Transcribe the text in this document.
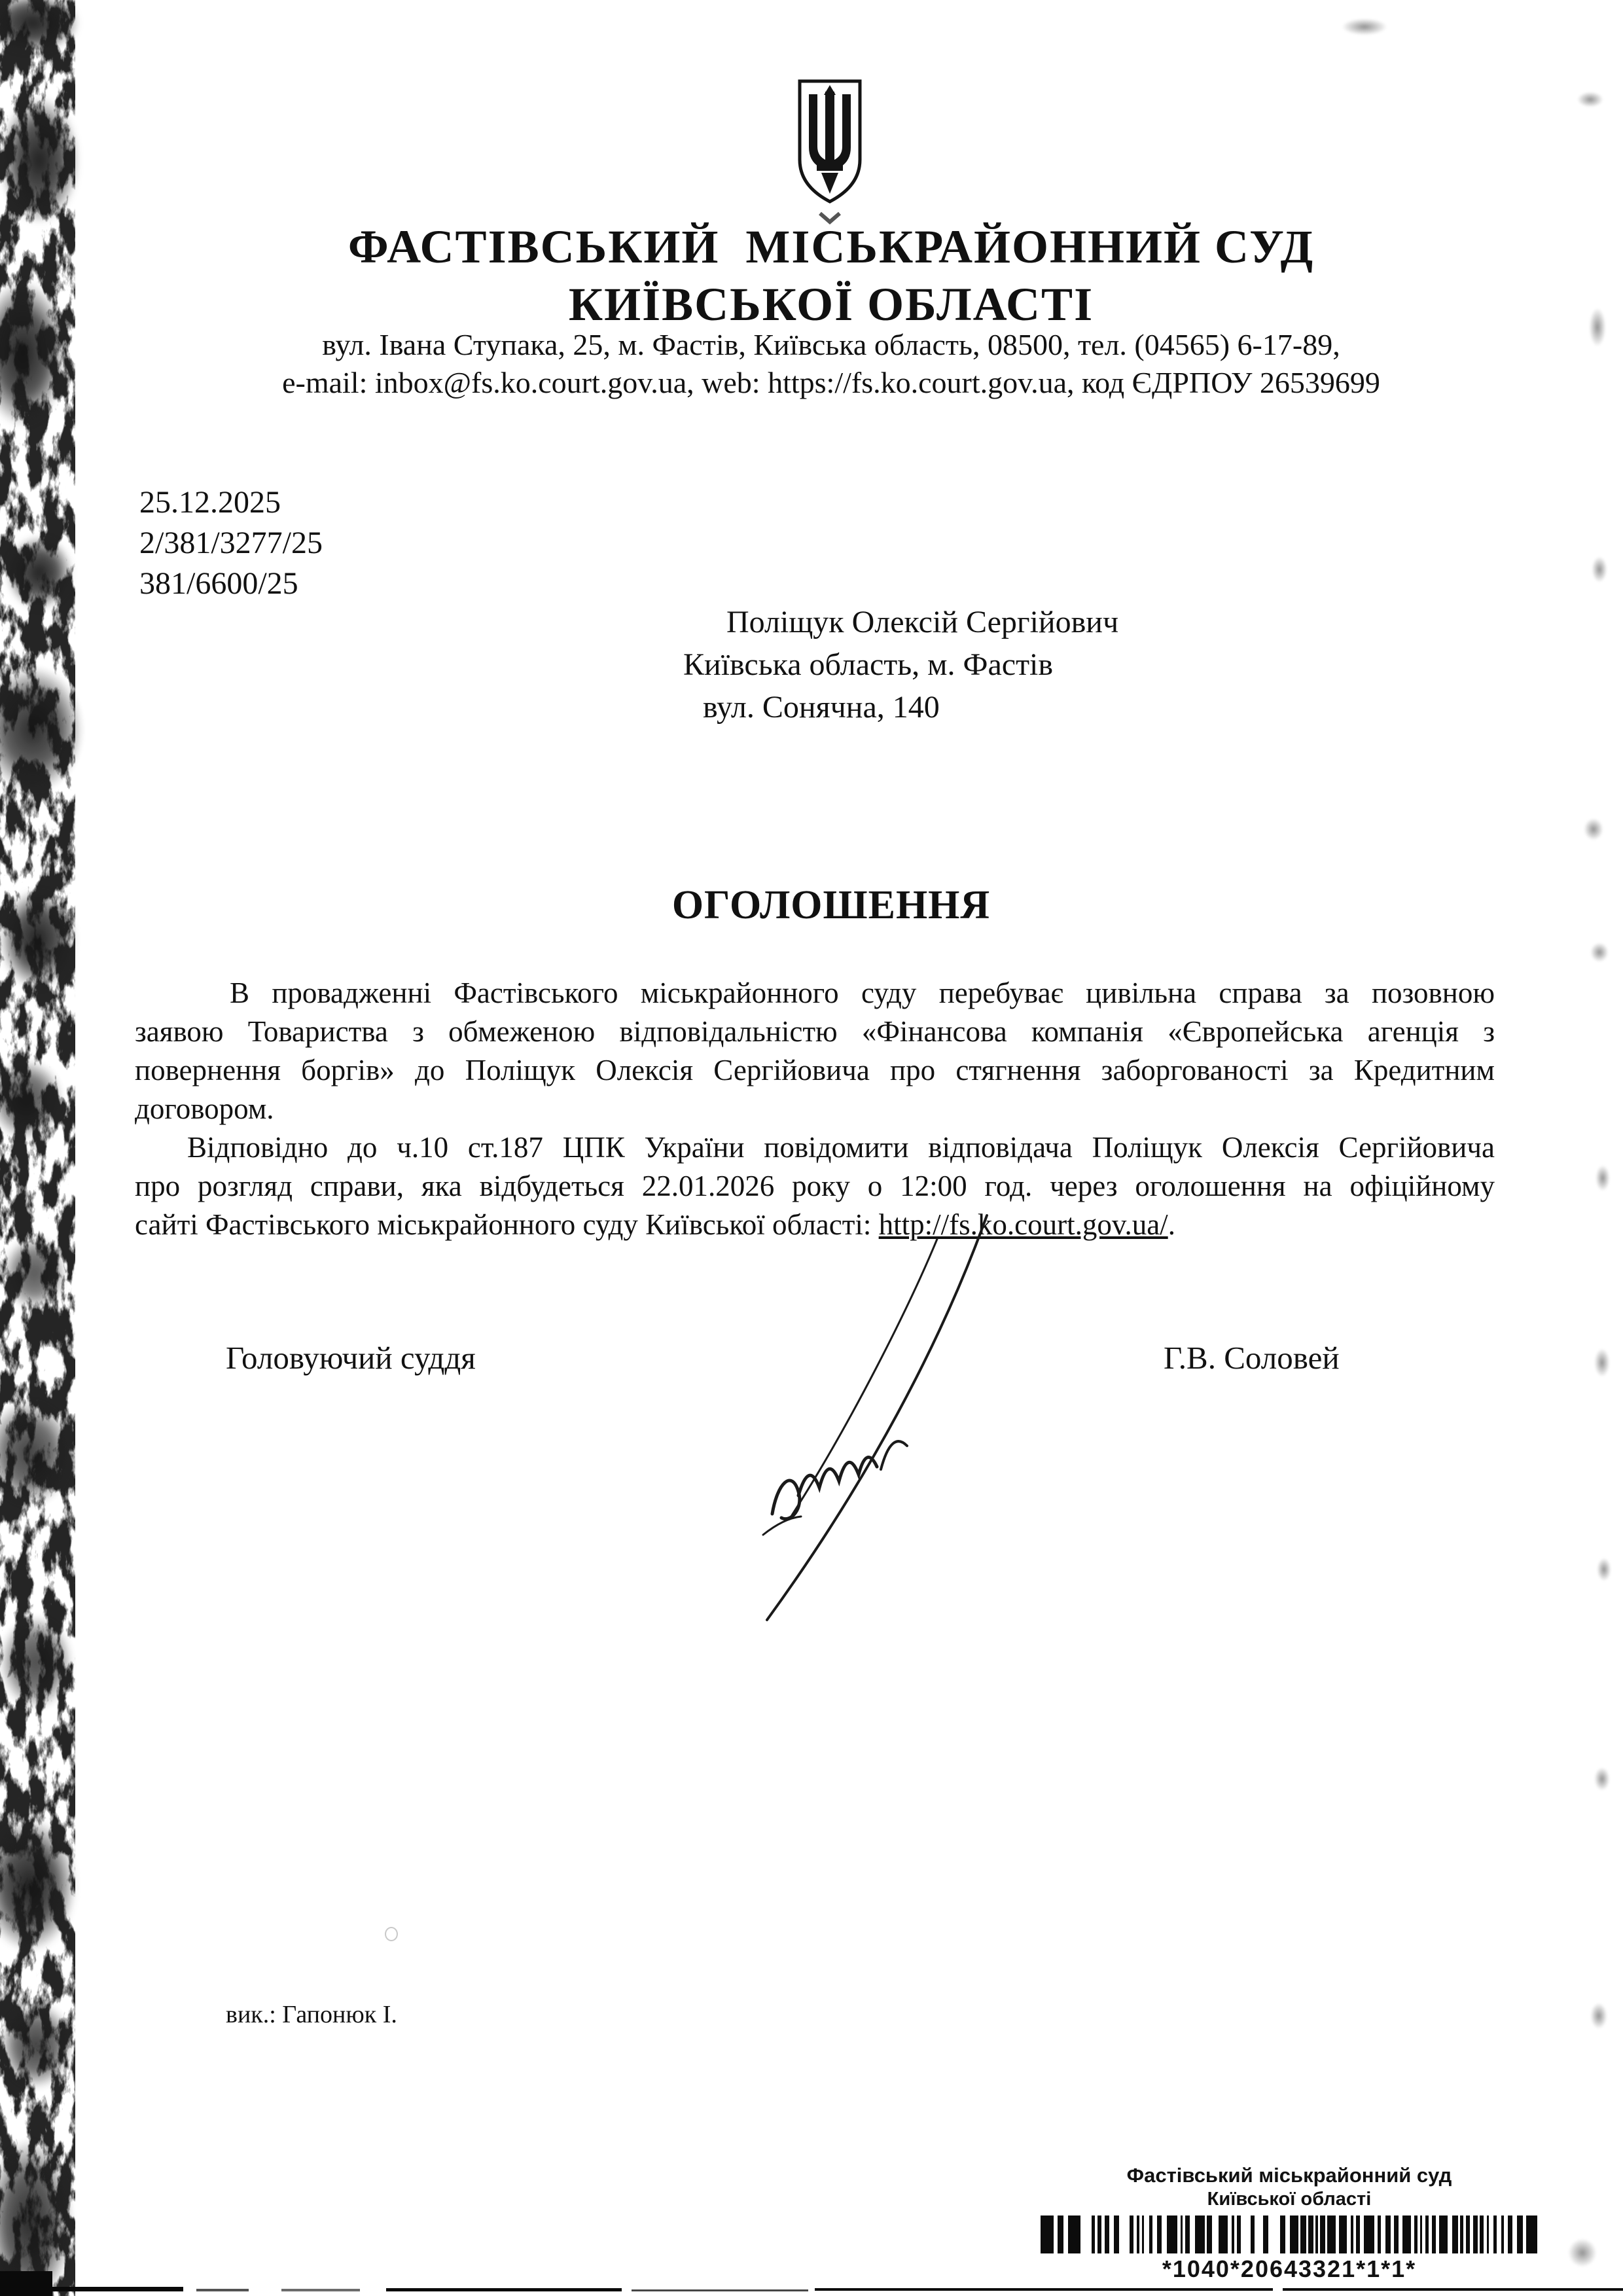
ФАСТІВСЬКИЙ  МІСЬКРАЙОННИЙ СУД
КИЇВСЬКОЇ ОБЛАСТІ
вул. Івана Ступака, 25, м. Фастів, Київська область, 08500, тел. (04565) 6-17-89,
e-mail: inbox@fs.ko.court.gov.ua, web: https://fs.ko.court.gov.ua, код ЄДРПОУ 26539699
25.12.2025
2/381/3277/25
381/6600/25
Поліщук Олексій Сергійович
Київська область, м. Фастів
вул. Сонячна, 140
ОГОЛОШЕННЯ
В провадженні Фастівського міськрайонного суду перебуває цивільна справа за позовною
заявою Товариства з обмеженою відповідальністю «Фінансова компанія «Європейська агенція з
повернення боргів» до Поліщук Олексія Сергійовича про стягнення заборгованості за Кредитним
договором.
Відповідно до ч.10 ст.187 ЦПК України повідомити відповідача Поліщук Олексія Сергійовича
про розгляд справи, яка відбудеться 22.01.2026 року о 12:00 год. через оголошення на офіційному
сайті Фастівського міськрайонного суду Київської області: http://fs.ko.court.gov.ua/.
Головуючий суддя	Г.В. Соловей
вик.: Гапонюк І.
Фастівський міськрайонний суд
Київської області
*1040*20643321*1*1*
